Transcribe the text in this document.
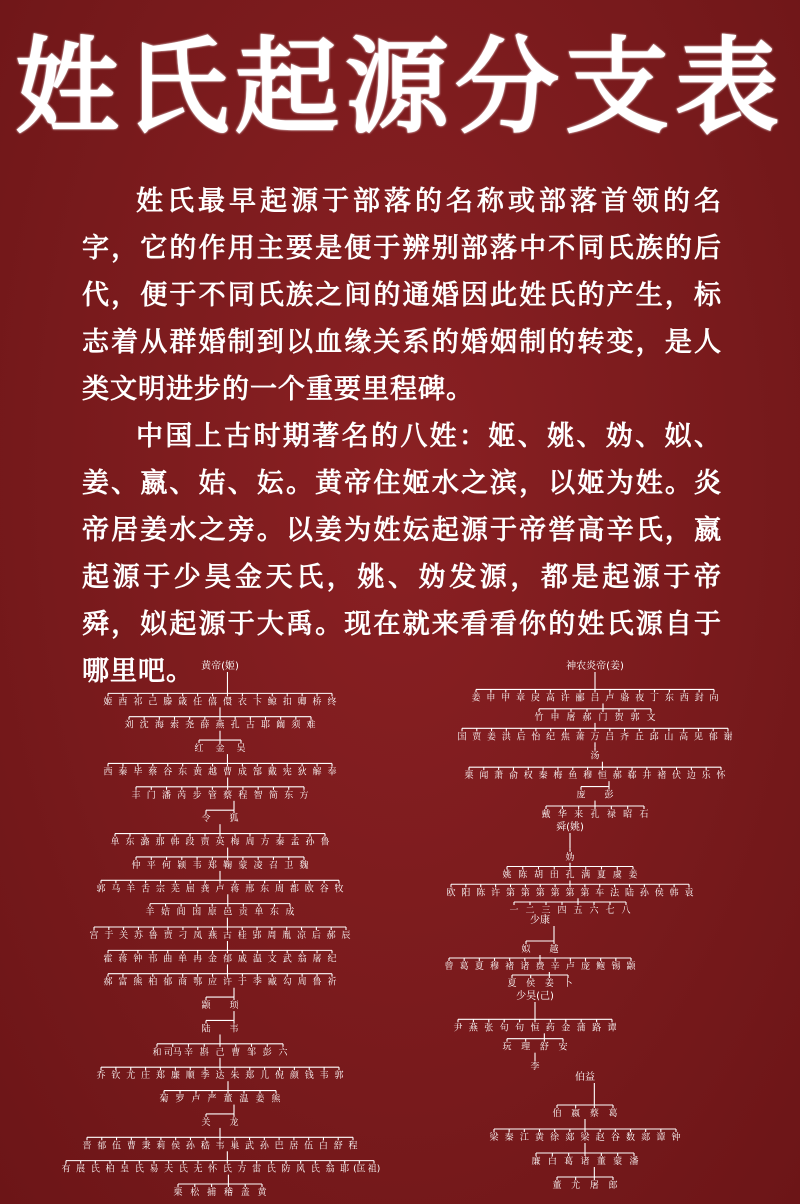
姓氏起源分支表

姓氏最早起源于部落的名称或部落首领的名字，它的作用主要是便于辨别部落中不同氏族的后代，便于不同氏族之间的通婚因此姓氏的产生，标志着从群婚制到以血缘关系的婚姻制的转变，是人类文明进步的一个重要里程碑。

中国上古时期著名的八姓：姬、姚、妫、姒、姜、嬴、姞、妘。黄帝住姬水之滨，以姬为姓。炎帝居姜水之旁。以姜为姓妘起源于帝喾高辛氏，嬴起源于少昊金天氏，姚、妫发源，都是起源于帝舜，姒起源于大禹。现在就来看看你的姓氏源自于哪里吧。 黄帝(姬)
姬 酉 祁 己 滕 箴 任 僖 儇 衣 卞 鲸 扣 卿 桥 终
刘 沈 海 索 尧 薛 燕 孔 古 耶 阚 须 难
红 金 吴
西 秦 毕 蔡 谷 东 黄 越 曹 成 郜 戴 宪 狄 解 奉
丰 门 潘 芮 步 管 蔡 程 智 简 东 方
令 狐
单 东 潞 那 韩 段 贾 英 梅 周 方 秦 孟 孙 鲁
仲 平 何 颍 韦 郑 鞠 蒙 凌 召 卫 魏
郭 马 羊 舌 宗 芜 屈 龚 卢 蒋 邢 东 周 都 欧 谷 牧
羊 姞 闾 国 原 邑 贡 单 东 成
宫 于 关 苏 鲁 贾 刁 凤 燕 古 桂 郢 周 胤 凉 后 郝 辰
霍 蒋 钟 邗 曲 单 冉 金 郁 戚 温 文 武 翁 屠 纪
郝 富 熊 柏 郁 商 鄂 应 许 于 季 臧 勾 周 鲁 祈
颛 顼
陆 韦
和 司马 辛 斟 己 曹 邹 彭 六
乔 钦 尤 庄 郑 廉 顺 季 达 朱 郑 儿 倪 颜 钱 韦 郭
菊 罗 卢 严 董 温 姜 熊
关 龙
晋 郁 伍 曹 秉 莉 侯 孙 嵇 韦 巢 武 孙 巴 居 伍 白 舒 程
有 展 氏 柏 皇 氏 易 天 氏 无 怀 氏 方 雷 氏 防 风 氏 翁 耶 (匡 祖)
栗 松 捕 稽 盖 黄
神农炎帝(姜)
姜 申 甲 章 戾 高 许 郦 吕 卢 骆 夜 丁 东 西 封 向
竹 申 屠 郝 门 贺 郭 文
国 贾 姜 洪 后 怡 纪 焦 萧 万 吕 齐 丘 邱 山 高 见 郁 谢
汤
栗 闻 萧 俞 权 秦 梅 鱼 穆 恒 郝 郗 井 褚 伏 边 乐 怀
庞 彭
戴 华 来 孔 禄 昭 石
舜(姚)
妫
姚 陈 胡 田 孔 满 夏 虞 姜
欧 阳 陈 许 第 第 第 第 第 第 车 法 陆 孙 侯 韩 袁
一 二 三 四 五 六 七 八
少康
姒 越
曾 葛 夏 穆 褚 诸 费 辛 卢 庞 鲍 锡 颛
夏 侯 姜 卜
少昊(己)
尹 燕 张 句 句 恒 药 金 蒲 路 谭
玩 理 舒 安
李
伯益
伯 嬴 蔡 葛
梁 秦 江 黄 徐 郯 梁 赵 谷 数 郯 谭 钟
廉 白 葛 诸 董 蒙 潘
董 尤 屠 郎
